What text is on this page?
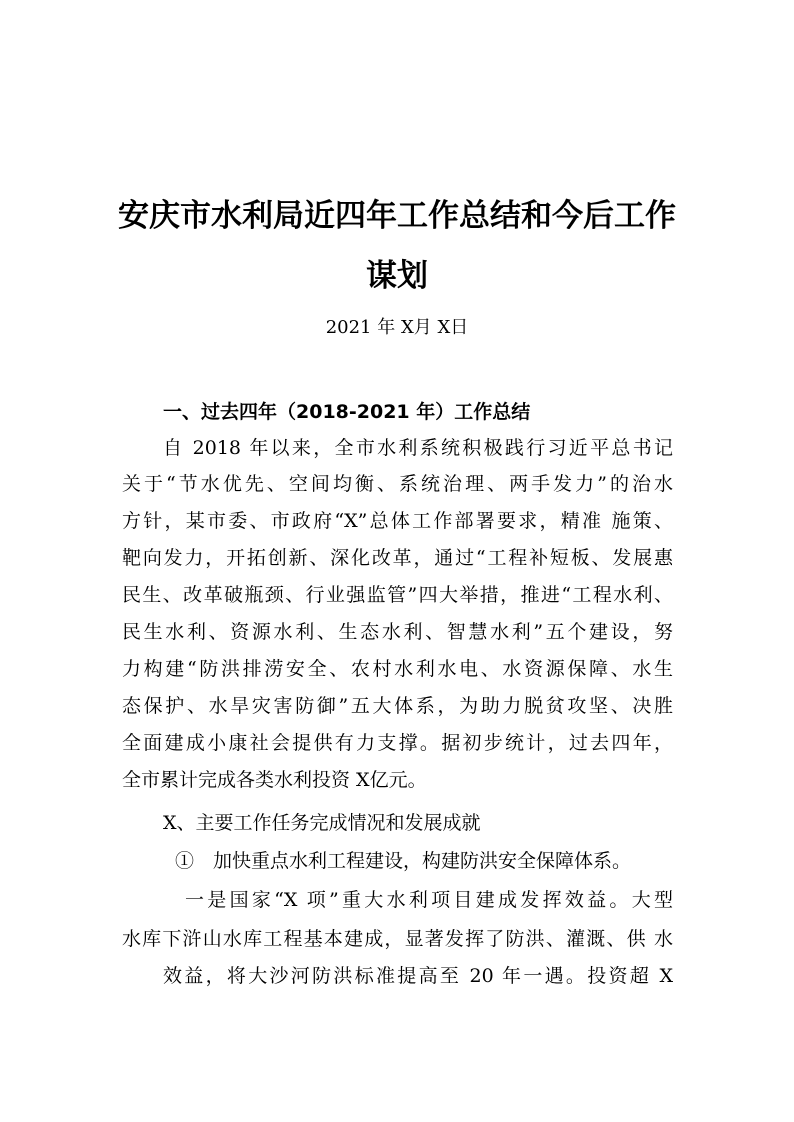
安庆市水利局近四年工作总结和今后工作
谋划
2021 年 X月 X日
一、过去四年（2018-2021 年）工作总结
自 2018 年以来，全市水利系统积极践行习近平总书记
关于“节水优先、空间均衡、系统治理、两手发力”的治水
方针，某市委、市政府“X”总体工作部署要求，精准 施策、
靶向发力，开拓创新、深化改革，通过“工程补短板、发展惠
民生、改革破瓶颈、行业强监管”四大举措，推进“工程水利、
民生水利、资源水利、生态水利、智慧水利”五个建设，努
力构建“防洪排涝安全、农村水利水电、水资源保障、水生
态保护、水旱灾害防御”五大体系，为助力脱贫攻坚、决胜
全面建成小康社会提供有力支撑。据初步统计，过去四年，
全市累计完成各类水利投资 X亿元。
X、主要工作任务完成情况和发展成就
①　加快重点水利工程建设，构建防洪安全保障体系。
一是国家“X 项”重大水利项目建成发挥效益。大型
水库下浒山水库工程基本建成，显著发挥了防洪、灌溉、供 水
效益，将大沙河防洪标准提高至 20 年一遇。投资超 X
